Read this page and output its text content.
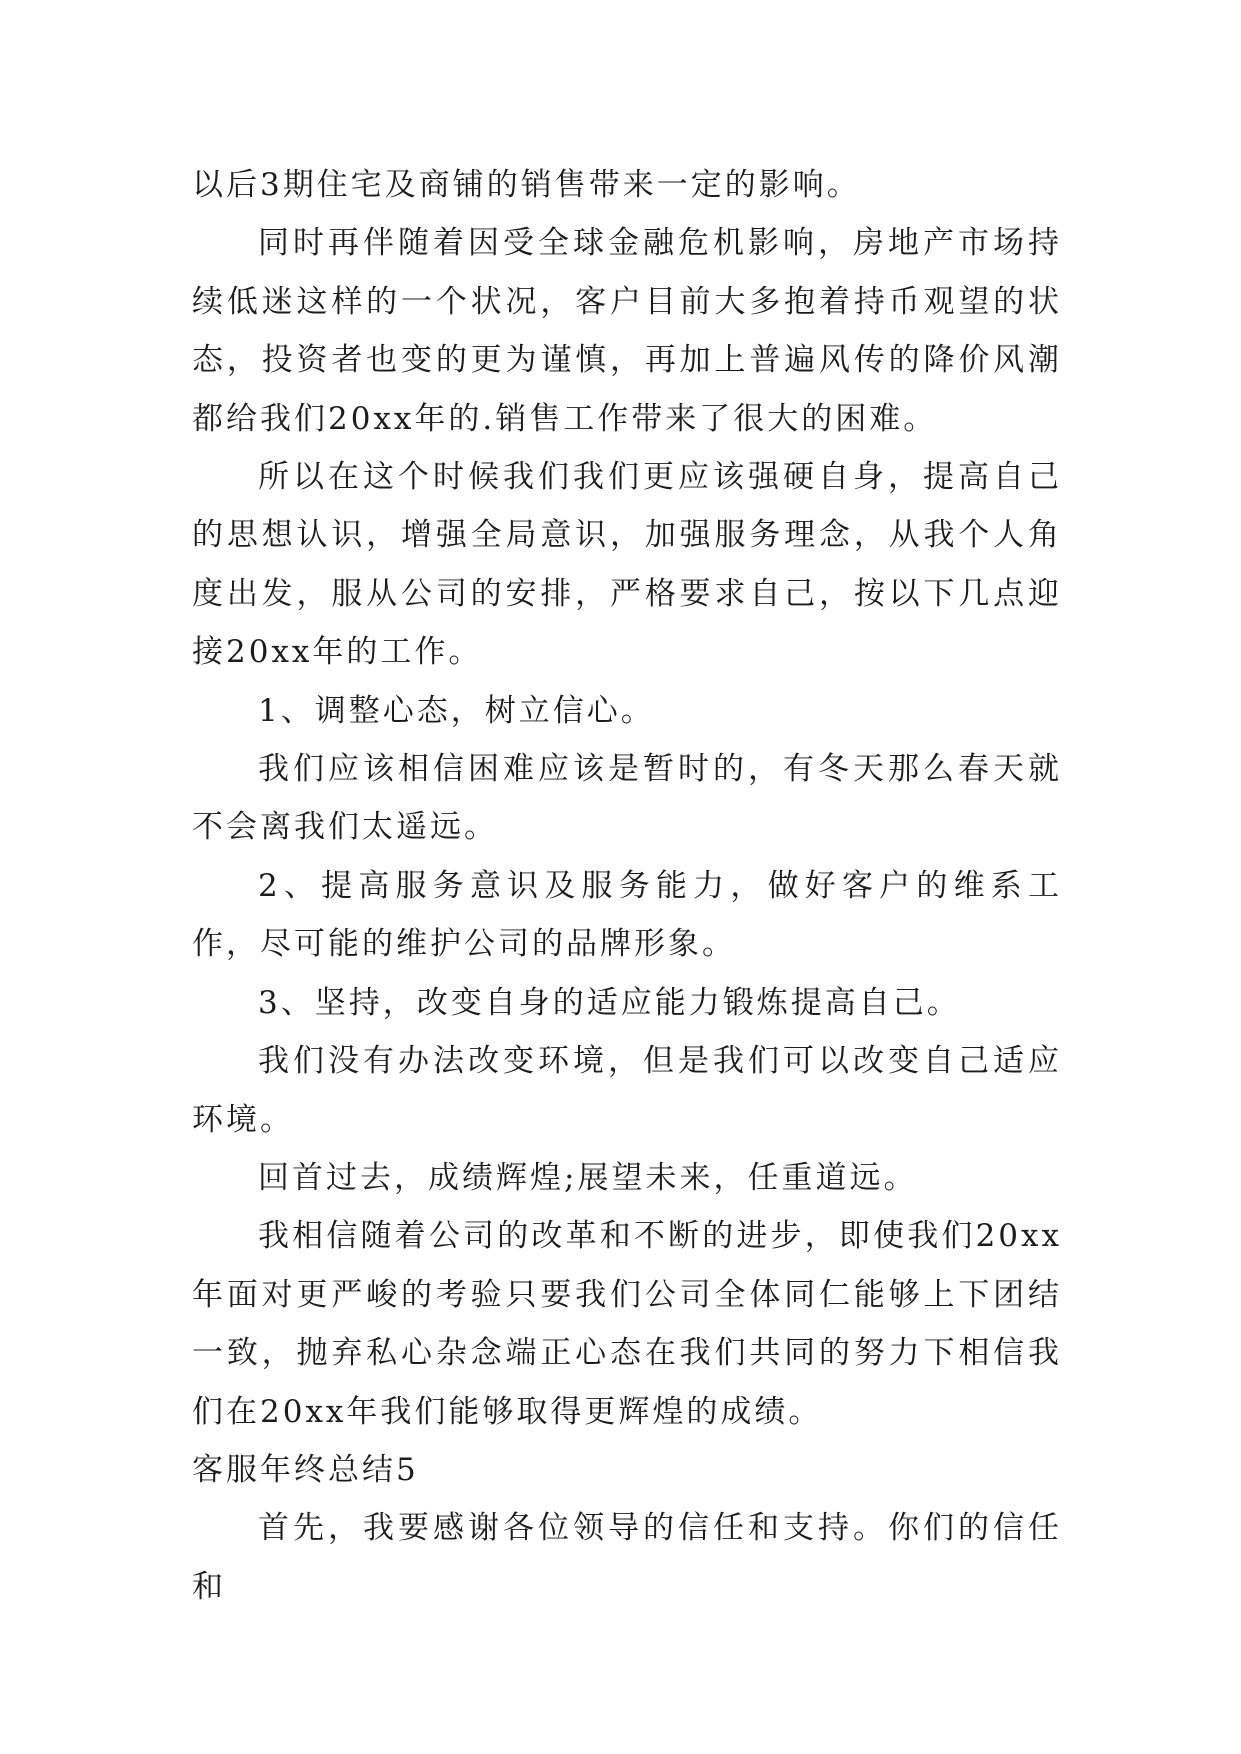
以后3期住宅及商铺的销售带来一定的影响。

同时再伴随着因受全球金融危机影响，房地产市场持续低迷这样的一个状况，客户目前大多抱着持币观望的状态，投资者也变的更为谨慎，再加上普遍风传的降价风潮都给我们20xx年的.销售工作带来了很大的困难。

所以在这个时候我们我们更应该强硬自身，提高自己的思想认识，增强全局意识，加强服务理念，从我个人角度出发，服从公司的安排，严格要求自己，按以下几点迎接20xx年的工作。

1、调整心态，树立信心。

我们应该相信困难应该是暂时的，有冬天那么春天就不会离我们太遥远。

2、提高服务意识及服务能力，做好客户的维系工作，尽可能的维护公司的品牌形象。

3、坚持，改变自身的适应能力锻炼提高自己。

我们没有办法改变环境，但是我们可以改变自己适应环境。

回首过去，成绩辉煌;展望未来，任重道远。

我相信随着公司的改革和不断的进步，即使我们20xx年面对更严峻的考验只要我们公司全体同仁能够上下团结一致，抛弃私心杂念端正心态在我们共同的努力下相信我们在20xx年我们能够取得更辉煌的成绩。

客服年终总结5

首先，我要感谢各位领导的信任和支持。你们的信任和
